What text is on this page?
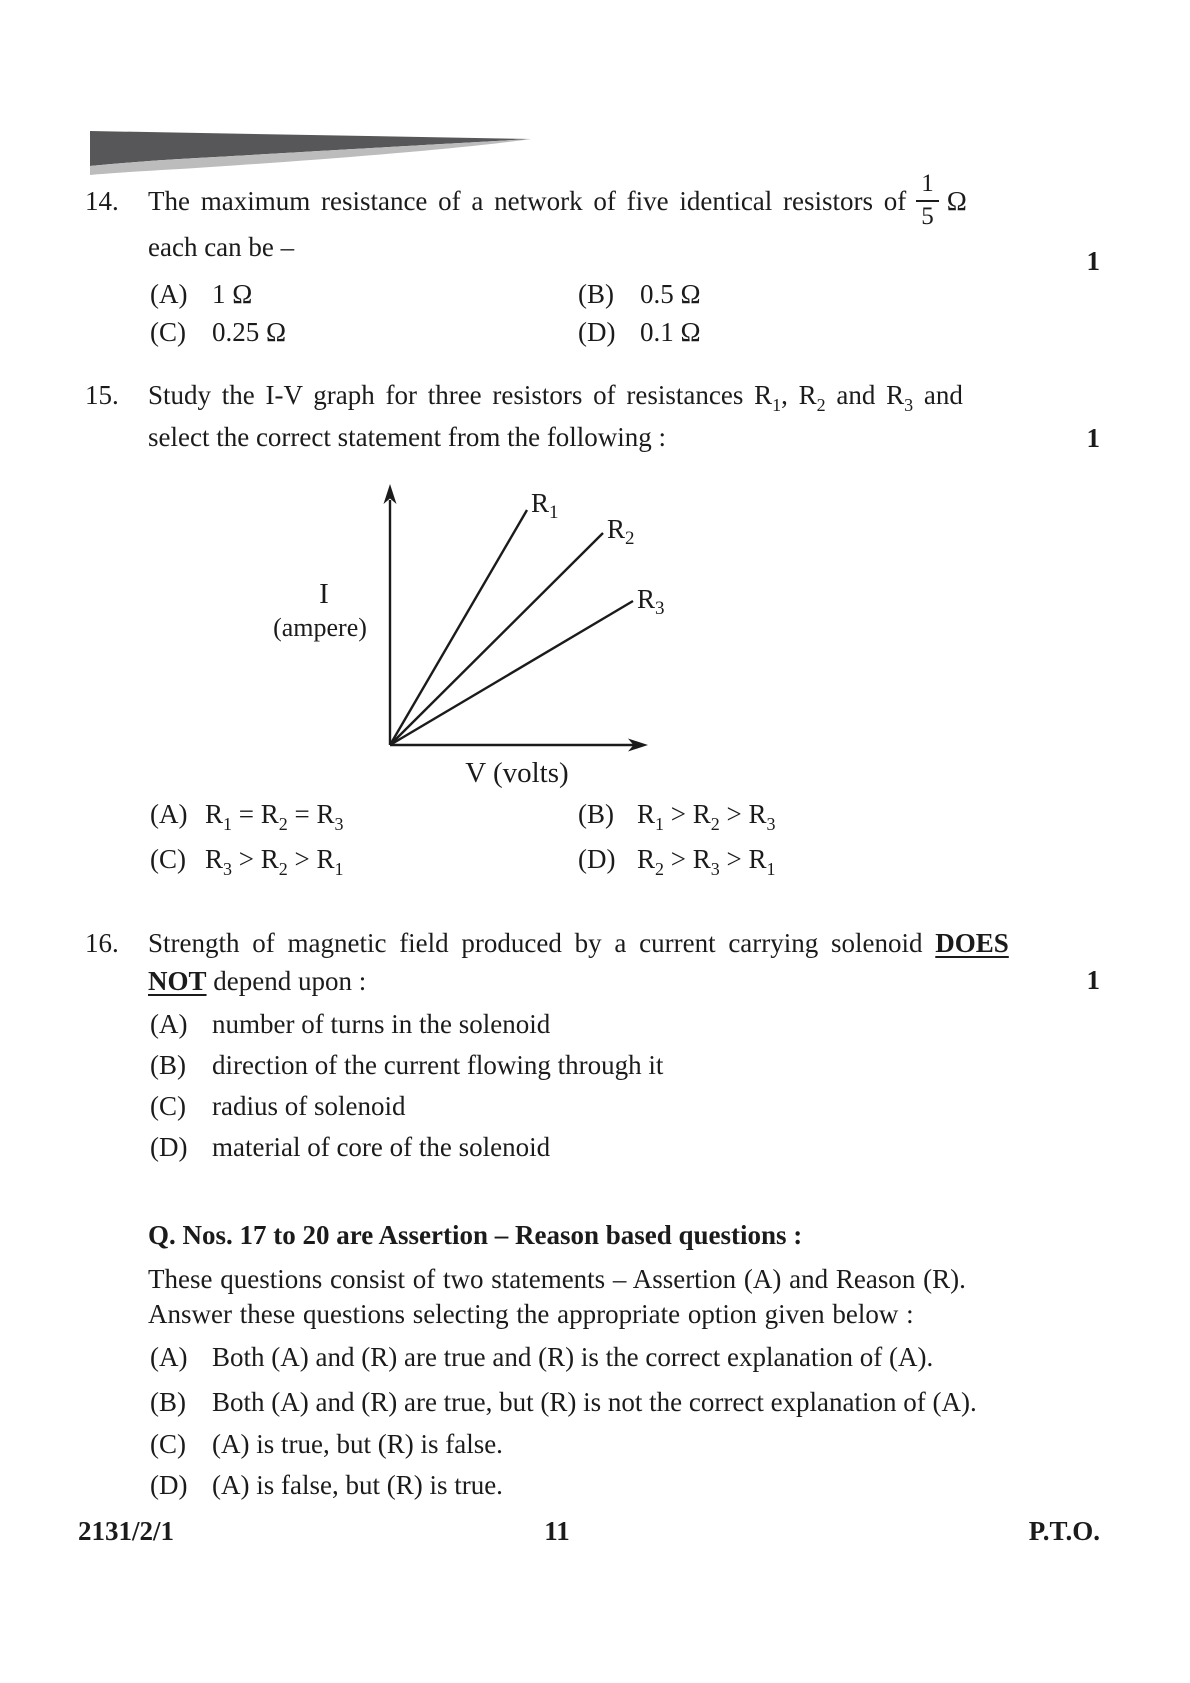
14.	The maximum resistance of a network of five identical resistors of $\frac{1}{5}$ Ω
each can be –	1
(A) 1 Ω	(B) 0.5 Ω
(C) 0.25 Ω	(D) 0.1 Ω
15.	Study the I-V graph for three resistors of resistances $R_1$, $R_2$ and $R_3$ and
select the correct statement from the following :	1
$R_1$
$R_2$
$R_3$
I
(ampere)
V (volts)
(A) $R_1 = R_2 = R_3$	(B) $R_1 > R_2 > R_3$
(C) $R_3 > R_2 > R_1$	(D) $R_2 > R_3 > R_1$
16.	Strength of magnetic field produced by a current carrying solenoid DOES
NOT depend upon :	1
(A) number of turns in the solenoid
(B) direction of the current flowing through it
(C) radius of solenoid
(D) material of core of the solenoid
Q. Nos. 17 to 20 are Assertion – Reason based questions :
These questions consist of two statements – Assertion (A) and Reason (R).
Answer these questions selecting the appropriate option given below :
(A) Both (A) and (R) are true and (R) is the correct explanation of (A).
(B) Both (A) and (R) are true, but (R) is not the correct explanation of (A).
(C) (A) is true, but (R) is false.
(D) (A) is false, but (R) is true.
2131/2/1	11	P.T.O.
